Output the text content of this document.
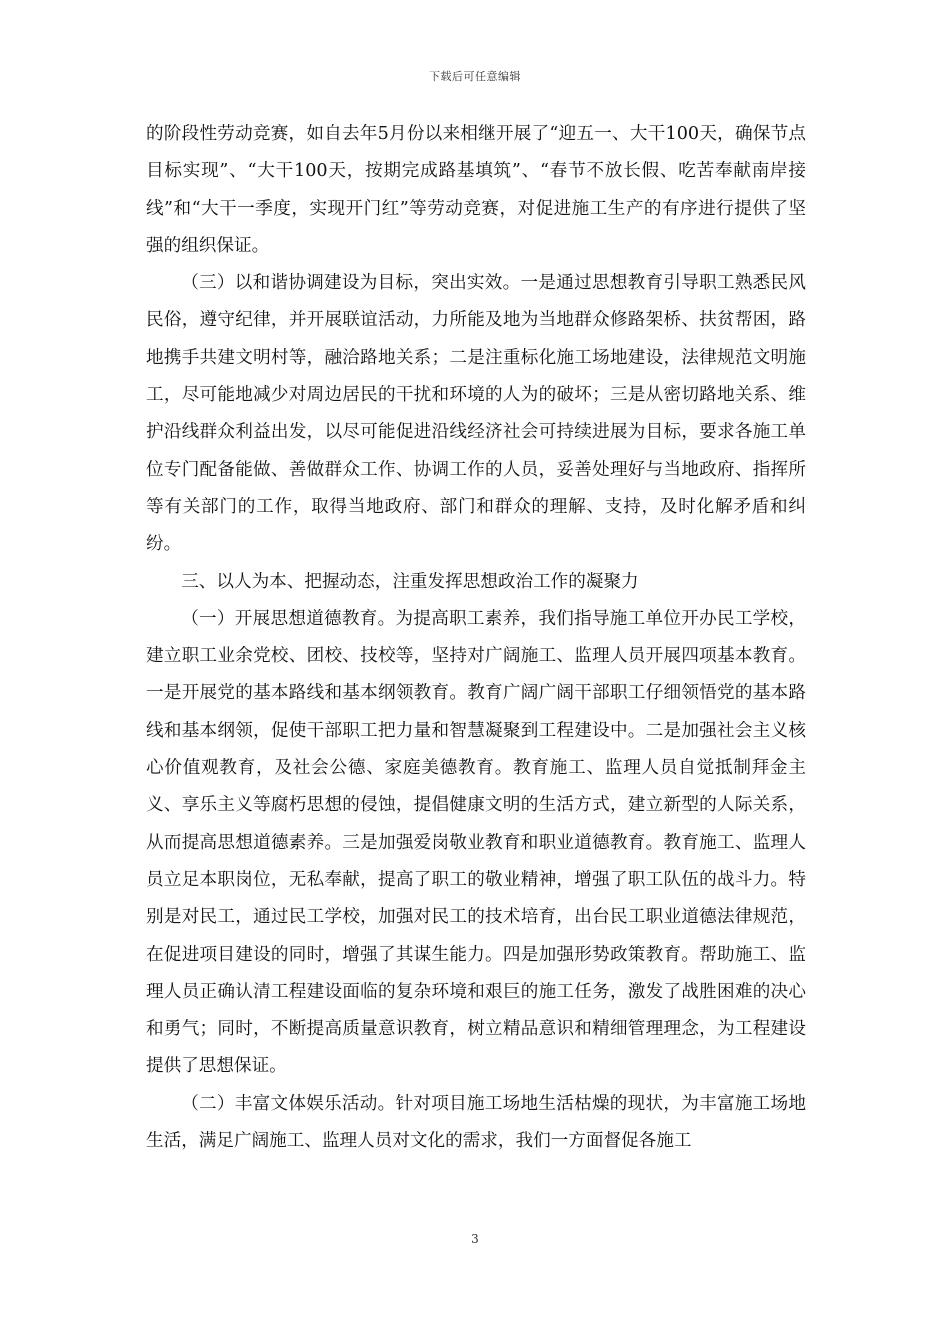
下载后可任意编辑

的阶段性劳动竞赛，如自去年5月份以来相继开展了“迎五一、大干100天，确保节点目标实现”、“大干100天，按期完成路基填筑”、“春节不放长假、吃苦奉献南岸接线”和“大干一季度，实现开门红”等劳动竞赛，对促进施工生产的有序进行提供了坚强的组织保证。

（三）以和谐协调建设为目标，突出实效。一是通过思想教育引导职工熟悉民风民俗，遵守纪律，并开展联谊活动，力所能及地为当地群众修路架桥、扶贫帮困，路地携手共建文明村等，融洽路地关系；二是注重标化施工场地建设，法律规范文明施工，尽可能地减少对周边居民的干扰和环境的人为的破坏；三是从密切路地关系、维护沿线群众利益出发，以尽可能促进沿线经济社会可持续进展为目标，要求各施工单位专门配备能做、善做群众工作、协调工作的人员，妥善处理好与当地政府、指挥所等有关部门的工作，取得当地政府、部门和群众的理解、支持，及时化解矛盾和纠纷。

三、以人为本、把握动态，注重发挥思想政治工作的凝聚力

（一）开展思想道德教育。为提高职工素养，我们指导施工单位开办民工学校，建立职工业余党校、团校、技校等，坚持对广阔施工、监理人员开展四项基本教育。一是开展党的基本路线和基本纲领教育。教育广阔广阔干部职工仔细领悟党的基本路线和基本纲领，促使干部职工把力量和智慧凝聚到工程建设中。二是加强社会主义核心价值观教育，及社会公德、家庭美德教育。教育施工、监理人员自觉抵制拜金主义、享乐主义等腐朽思想的侵蚀，提倡健康文明的生活方式，建立新型的人际关系，从而提高思想道德素养。三是加强爱岗敬业教育和职业道德教育。教育施工、监理人员立足本职岗位，无私奉献，提高了职工的敬业精神，增强了职工队伍的战斗力。特别是对民工，通过民工学校，加强对民工的技术培育，出台民工职业道德法律规范，在促进项目建设的同时，增强了其谋生能力。四是加强形势政策教育。帮助施工、监理人员正确认清工程建设面临的复杂环境和艰巨的施工任务，激发了战胜困难的决心和勇气；同时，不断提高质量意识教育，树立精品意识和精细管理理念，为工程建设提供了思想保证。

（二）丰富文体娱乐活动。针对项目施工场地生活枯燥的现状，为丰富施工场地生活，满足广阔施工、监理人员对文化的需求，我们一方面督促各施工

3
